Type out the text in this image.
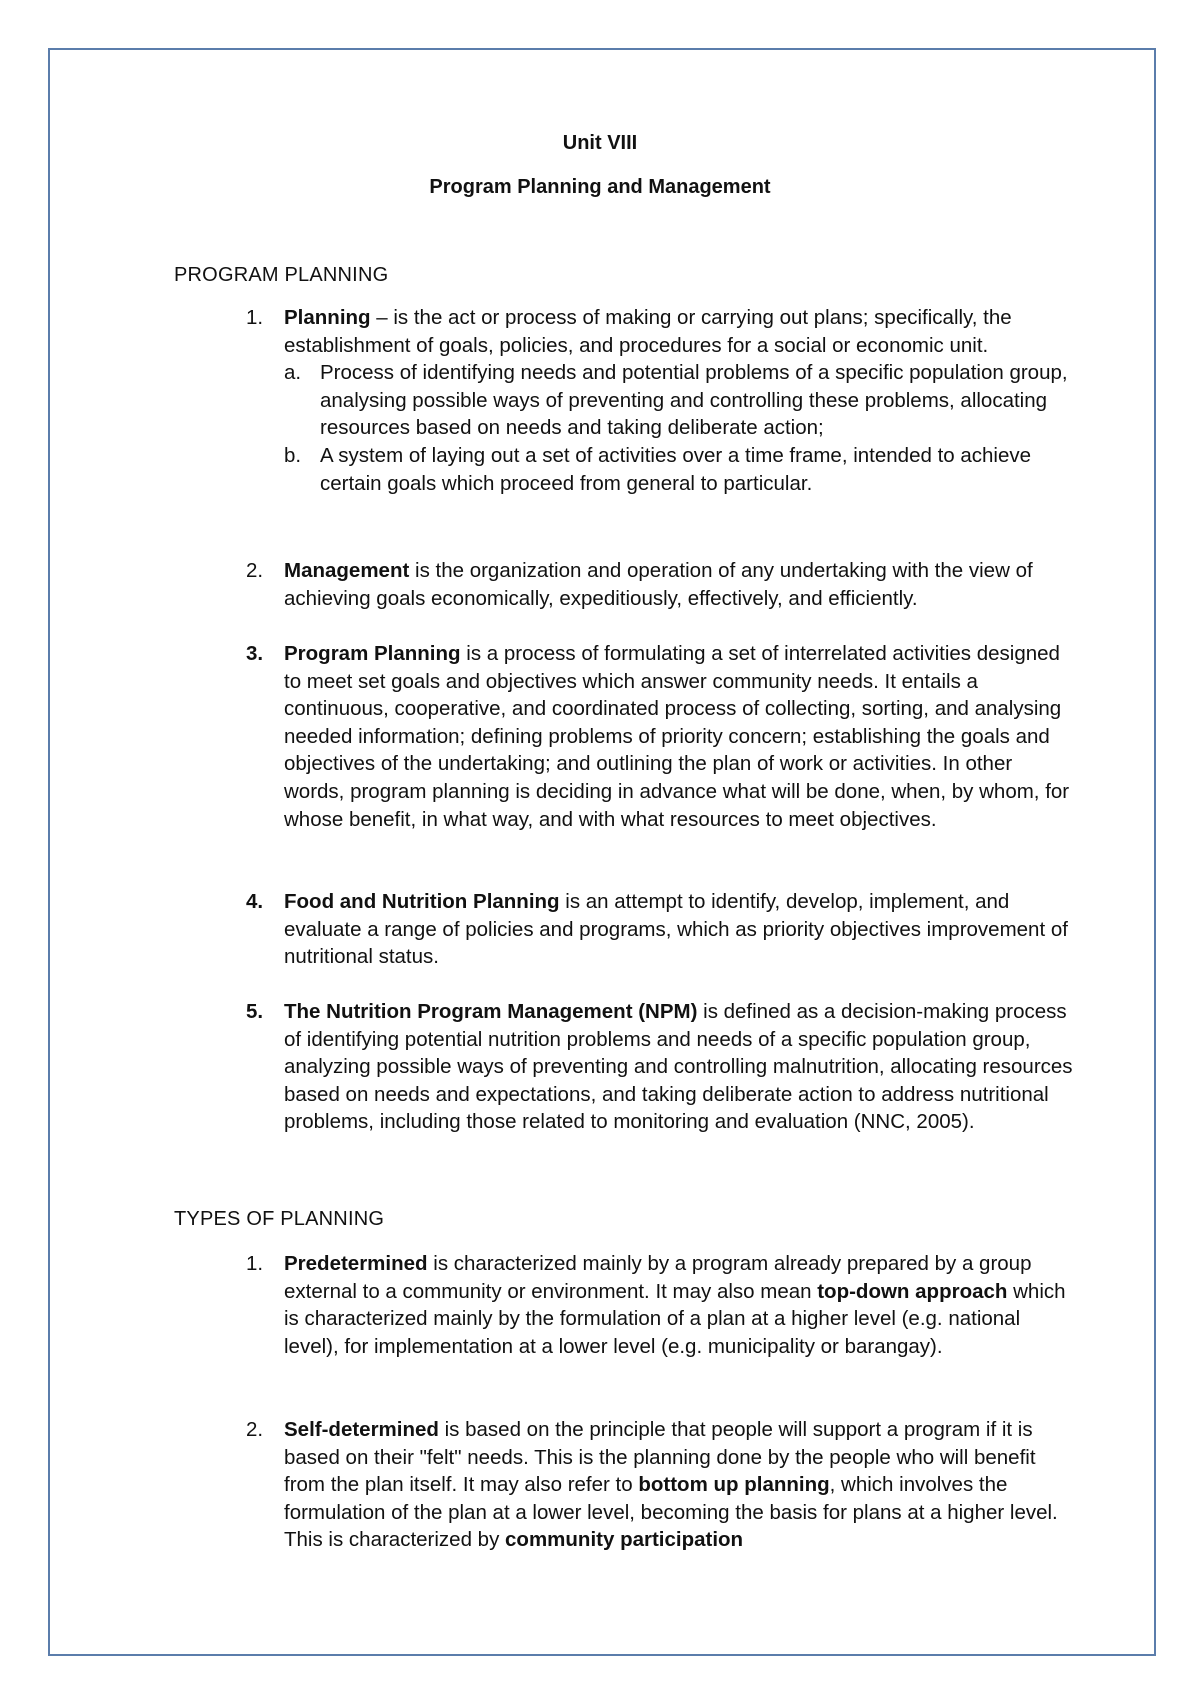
Unit VIII
Program Planning and Management
PROGRAM PLANNING
1.	Planning – is the act or process of making or carrying out plans; specifically, the establishment of goals, policies, and procedures for a social or economic unit.
a. Process of identifying needs and potential problems of a specific population group, analysing possible ways of preventing and controlling these problems, allocating resources based on needs and taking deliberate action;
b. A system of laying out a set of activities over a time frame, intended to achieve certain goals which proceed from general to particular.
2.	Management is the organization and operation of any undertaking with the view of achieving goals economically, expeditiously, effectively, and efficiently.
3.	Program Planning is a process of formulating a set of interrelated activities designed to meet set goals and objectives which answer community needs. It entails a continuous, cooperative, and coordinated process of collecting, sorting, and analysing needed information; defining problems of priority concern; establishing the goals and objectives of the undertaking; and outlining the plan of work or activities. In other words, program planning is deciding in advance what will be done, when, by whom, for whose benefit, in what way, and with what resources to meet objectives.
4.	Food and Nutrition Planning is an attempt to identify, develop, implement, and evaluate a range of policies and programs, which as priority objectives improvement of nutritional status.
5.	The Nutrition Program Management (NPM) is defined as a decision-making process of identifying potential nutrition problems and needs of a specific population group, analyzing possible ways of preventing and controlling malnutrition, allocating resources based on needs and expectations, and taking deliberate action to address nutritional problems, including those related to monitoring and evaluation (NNC, 2005).
TYPES OF PLANNING
1.	Predetermined is characterized mainly by a program already prepared by a group external to a community or environment. It may also mean top-down approach which is characterized mainly by the formulation of a plan at a higher level (e.g. national level), for implementation at a lower level (e.g. municipality or barangay).
2.	Self-determined is based on the principle that people will support a program if it is based on their "felt" needs. This is the planning done by the people who will benefit from the plan itself. It may also refer to bottom up planning, which involves the formulation of the plan at a lower level, becoming the basis for plans at a higher level. This is characterized by community participation
